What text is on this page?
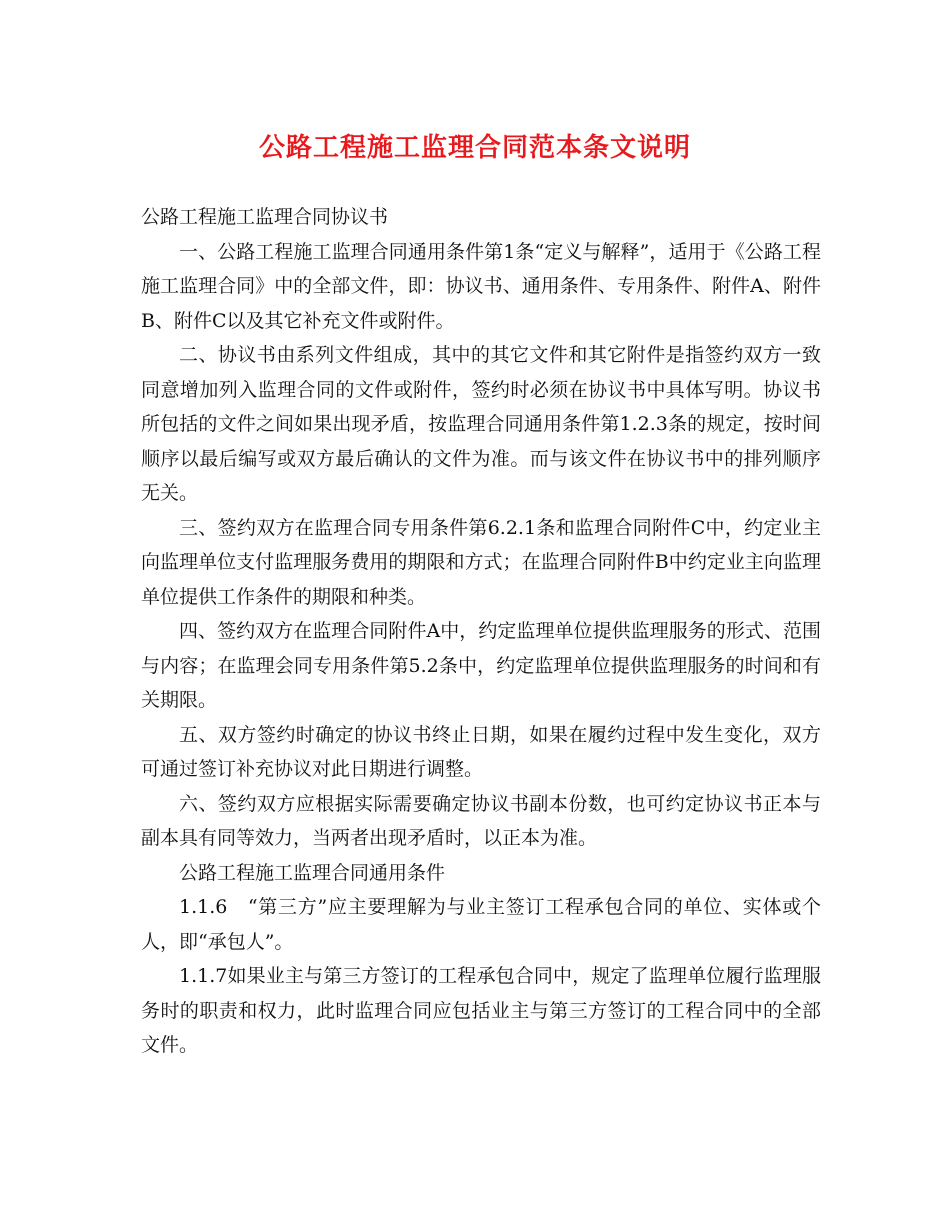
公路工程施工监理合同范本条文说明

公路工程施工监理合同协议书

一、公路工程施工监理合同通用条件第1条“定义与解释”，适用于《公路工程施工监理合同》中的全部文件，即：协议书、通用条件、专用条件、附件A、附件B、附件C以及其它补充文件或附件。

二、协议书由系列文件组成，其中的其它文件和其它附件是指签约双方一致同意增加列入监理合同的文件或附件，签约时必须在协议书中具体写明。协议书所包括的文件之间如果出现矛盾，按监理合同通用条件第1.2.3条的规定，按时间顺序以最后编写或双方最后确认的文件为准。而与该文件在协议书中的排列顺序无关。

三、签约双方在监理合同专用条件第6.2.1条和监理合同附件C中，约定业主向监理单位支付监理服务费用的期限和方式；在监理合同附件B中约定业主向监理单位提供工作条件的期限和种类。

四、签约双方在监理合同附件A中，约定监理单位提供监理服务的形式、范围与内容；在监理会同专用条件第5.2条中，约定监理单位提供监理服务的时间和有关期限。

五、双方签约时确定的协议书终止日期，如果在履约过程中发生变化，双方可通过签订补充协议对此日期进行调整。

六、签约双方应根据实际需要确定协议书副本份数，也可约定协议书正本与副本具有同等效力，当两者出现矛盾时，以正本为准。

公路工程施工监理合同通用条件

1.1.6　“第三方”应主要理解为与业主签订工程承包合同的单位、实体或个人，即“承包人”。

1.1.7如果业主与第三方签订的工程承包合同中，规定了监理单位履行监理服务时的职责和权力，此时监理合同应包括业主与第三方签订的工程合同中的全部文件。
